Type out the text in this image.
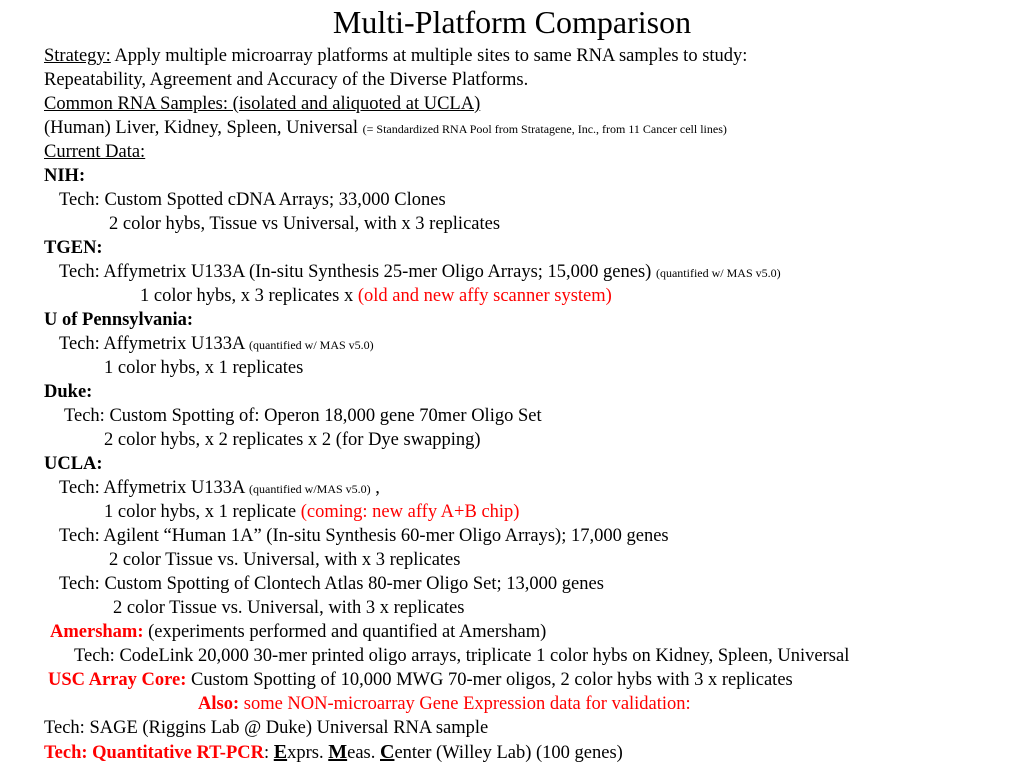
Multi-Platform Comparison
Strategy: Apply multiple microarray platforms at multiple sites to same RNA samples to study:
Repeatability, Agreement and Accuracy of the Diverse Platforms.
Common RNA Samples: (isolated and aliquoted at UCLA)
(Human) Liver, Kidney, Spleen, Universal (= Standardized RNA Pool from Stratagene, Inc., from 11 Cancer cell lines)
Current Data:
NIH:
Tech: Custom Spotted cDNA Arrays; 33,000 Clones
2 color hybs, Tissue vs Universal, with x 3 replicates
TGEN:
Tech: Affymetrix U133A (In-situ Synthesis 25-mer Oligo Arrays; 15,000 genes) (quantified w/ MAS v5.0)
1 color hybs, x 3 replicates x (old and new affy scanner system)
U of Pennsylvania:
Tech: Affymetrix U133A (quantified w/ MAS v5.0)
1 color hybs, x 1 replicates
Duke:
Tech: Custom Spotting of: Operon 18,000 gene 70mer Oligo Set
2 color hybs, x 2 replicates x 2 (for Dye swapping)
UCLA:
Tech: Affymetrix U133A (quantified w/MAS v5.0) ,
1 color hybs, x 1 replicate (coming: new affy A+B chip)
Tech: Agilent “Human 1A” (In-situ Synthesis 60-mer Oligo Arrays); 17,000 genes
2 color Tissue vs. Universal, with x 3 replicates
Tech: Custom Spotting of Clontech Atlas 80-mer Oligo Set; 13,000 genes
2 color Tissue vs. Universal, with 3 x replicates
Amersham: (experiments performed and quantified at Amersham)
Tech: CodeLink 20,000 30-mer printed oligo arrays, triplicate 1 color hybs on Kidney, Spleen, Universal
USC Array Core: Custom Spotting of 10,000 MWG 70-mer oligos, 2 color hybs with 3 x replicates
Also: some NON-microarray Gene Expression data for validation:
Tech: SAGE (Riggins Lab @ Duke) Universal RNA sample
Tech: Quantitative RT-PCR: Exprs. Meas. Center (Willey Lab) (100 genes)
